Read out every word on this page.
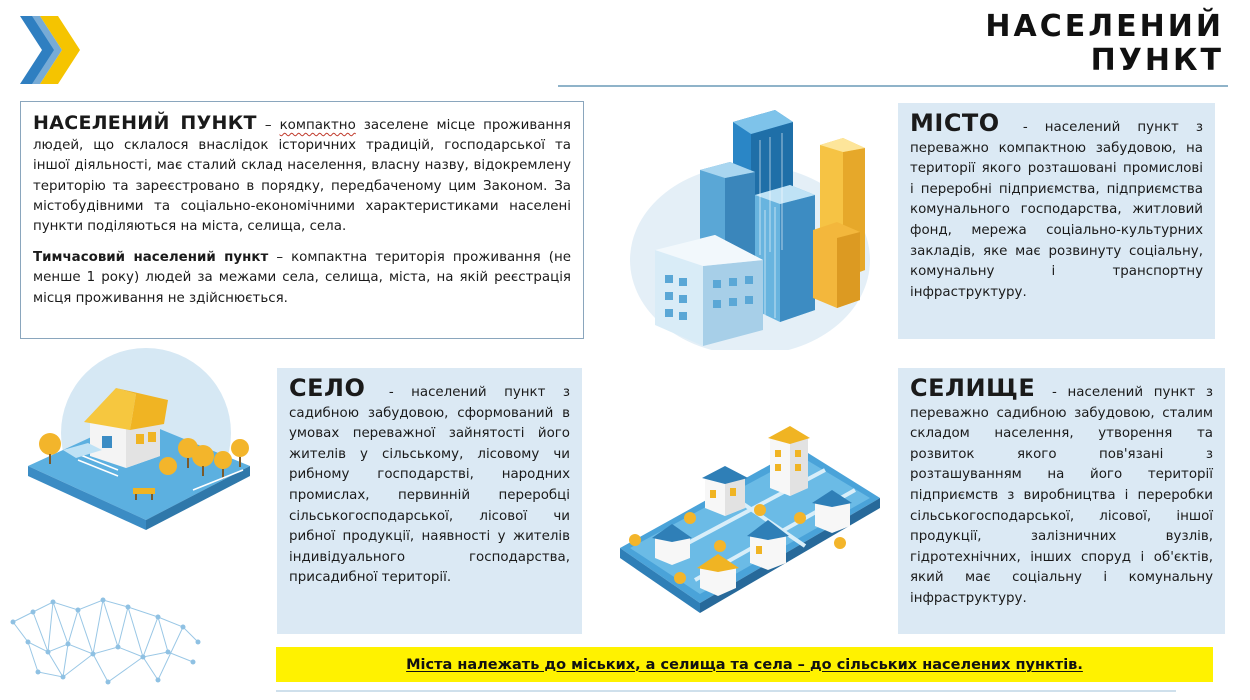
НАСЕЛЕНИЙ
ПУНКТ

НАСЕЛЕНИЙ ПУНКТ – компактно заселене місце проживання людей, що склалося внаслідок історичних традицій, господарської та іншої діяльності, має сталий склад населення, власну назву, відокремлену територію та зареєстровано в порядку, передбаченому цим Законом. За містобудівними та соціально-економічними характеристиками населені пункти поділяються на міста, селища, села.

Тимчасовий населений пункт – компактна територія проживання (не менше 1 року) людей за межами села, селища, міста, на якій реєстрація місця проживання не здійснюється.

МІСТО - населений пункт з переважно компактною забудовою, на території якого розташовані промислові і переробні підприємства, підприємства комунального господарства, житловий фонд, мережа соціально-культурних закладів, яке має розвинуту соціальну, комунальну і транспортну інфраструктуру.

СЕЛО - населений пункт з садибною забудовою, сформований в умовах переважної зайнятості його жителів у сільському, лісовому чи рибному господарстві, народних промислах, первинній переробці сільськогосподарської, лісової чи рибної продукції, наявності у жителів індивідуального господарства, присадибної території.

СЕЛИЩЕ - населений пункт з переважно садибною забудовою, сталим складом населення, утворення та розвиток якого пов'язані з розташуванням на його території підприємств з виробництва і переробки сільськогосподарської, лісової, іншої продукції, залізничних вузлів, гідротехнічних, інших споруд і об'єктів, який має соціальну і комунальну інфраструктуру.

Міста належать до міських, а селища та села – до сільських населених пунктів.
